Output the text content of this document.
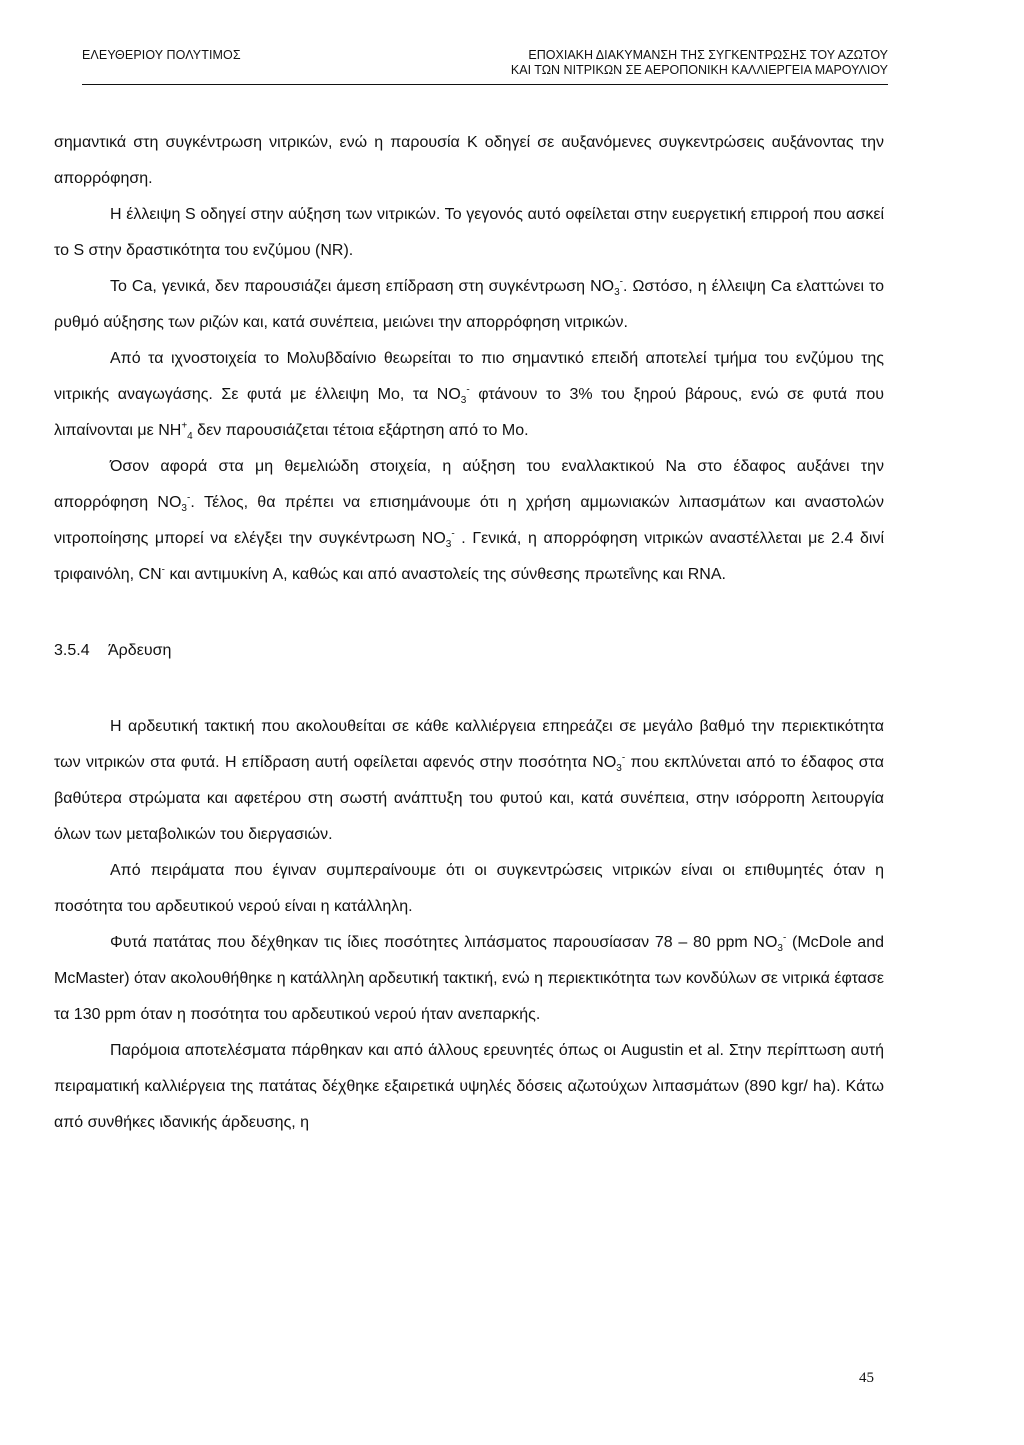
ΕΛΕΥΘΕΡΙΟΥ ΠΟΛΥΤΙΜΟΣ	ΕΠΟΧΙΑΚΗ ΔΙΑΚΥΜΑΝΣΗ ΤΗΣ ΣΥΓΚΕΝΤΡΩΣΗΣ ΤΟΥ ΑΖΩΤΟΥ
ΚΑΙ ΤΩΝ ΝΙΤΡΙΚΩΝ ΣΕ ΑΕΡΟΠΟΝΙΚΗ ΚΑΛΛΙΕΡΓΕΙΑ ΜΑΡΟΥΛΙΟΥ

σημαντικά στη συγκέντρωση νιτρικών, ενώ η παρουσία Κ οδηγεί σε αυξανόμενες συγκεντρώσεις αυξάνοντας την απορρόφηση.

Η έλλειψη S οδηγεί στην αύξηση των νιτρικών. Το γεγονός αυτό οφείλεται στην ευεργετική επιρροή που ασκεί το S στην δραστικότητα του ενζύμου (NR).

Το Ca, γενικά, δεν παρουσιάζει άμεση επίδραση στη συγκέντρωση $NO_3^-$. Ωστόσο, η έλλειψη Ca ελαττώνει το ρυθμό αύξησης των ριζών και, κατά συνέπεια, μειώνει την απορρόφηση νιτρικών.

Από τα ιχνοστοιχεία το Μολυβδαίνιο θεωρείται το πιο σημαντικό επειδή αποτελεί τμήμα του ενζύμου της νιτρικής αναγωγάσης. Σε φυτά με έλλειψη Mo, τα $NO_3^-$ φτάνουν το 3% του ξηρού βάρους, ενώ σε φυτά που λιπαίνονται με $NH^+_4$ δεν παρουσιάζεται τέτοια εξάρτηση από το Mo.

Όσον αφορά στα μη θεμελιώδη στοιχεία, η αύξηση του εναλλακτικού Na στο έδαφος αυξάνει την απορρόφηση $NO_3^-$. Τέλος, θα πρέπει να επισημάνουμε ότι η χρήση αμμωνιακών λιπασμάτων και αναστολών νιτροποίησης μπορεί να ελέγξει την συγκέντρωση $NO_3^-$ . Γενικά, η απορρόφηση νιτρικών αναστέλλεται με 2.4 δινί τριφαινόλη, CN- και αντιμυκίνη A, καθώς και από αναστολείς της σύνθεσης πρωτεΐνης και RNA.

3.5.4 Άρδευση

Η αρδευτική τακτική που ακολουθείται σε κάθε καλλιέργεια επηρεάζει σε μεγάλο βαθμό την περιεκτικότητα των νιτρικών στα φυτά. Η επίδραση αυτή οφείλεται αφενός στην ποσότητα $NO_3^-$ που εκπλύνεται από το έδαφος στα βαθύτερα στρώματα και αφετέρου στη σωστή ανάπτυξη του φυτού και, κατά συνέπεια, στην ισόρροπη λειτουργία όλων των μεταβολικών του διεργασιών.

Από πειράματα που έγιναν συμπεραίνουμε ότι οι συγκεντρώσεις νιτρικών είναι οι επιθυμητές όταν η ποσότητα του αρδευτικού νερού είναι η κατάλληλη.

Φυτά πατάτας που δέχθηκαν τις ίδιες ποσότητες λιπάσματος παρουσίασαν 78 – 80 ppm $NO_3^-$ (McDole and McMaster) όταν ακολουθήθηκε η κατάλληλη αρδευτική τακτική, ενώ η περιεκτικότητα των κονδύλων σε νιτρικά έφτασε τα 130 ppm όταν η ποσότητα του αρδευτικού νερού ήταν ανεπαρκής.

Παρόμοια αποτελέσματα πάρθηκαν και από άλλους ερευνητές όπως οι Augustin et al. Στην περίπτωση αυτή πειραματική καλλιέργεια της πατάτας δέχθηκε εξαιρετικά υψηλές δόσεις αζωτούχων λιπασμάτων (890 kgr/ ha). Κάτω από συνθήκες ιδανικής άρδευσης, η

45
